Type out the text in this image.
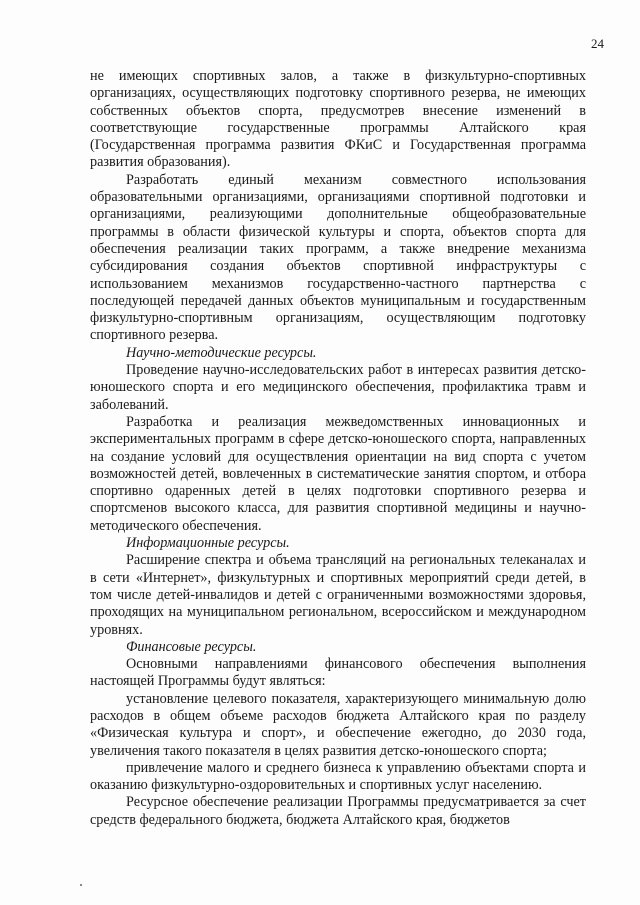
24

не имеющих спортивных залов, а также в физкультурно-спортивных организациях, осуществляющих подготовку спортивного резерва, не имеющих собственных объектов спорта, предусмотрев внесение изменений в соответствующие государственные программы Алтайского края (Государственная программа развития ФКиС и Государственная программа развития образования).

Разработать единый механизм совместного использования образовательными организациями, организациями спортивной подготовки и организациями, реализующими дополнительные общеобразовательные программы в области физической культуры и спорта, объектов спорта для обеспечения реализации таких программ, а также внедрение механизма субсидирования создания объектов спортивной инфраструктуры с использованием механизмов государственно-частного партнерства с последующей передачей данных объектов муниципальным и государственным физкультурно-спортивным организациям, осуществляющим подготовку спортивного резерва.

Научно-методические ресурсы.

Проведение научно-исследовательских работ в интересах развития детско-юношеского спорта и его медицинского обеспечения, профилактика травм и заболеваний.

Разработка и реализация межведомственных инновационных и экспериментальных программ в сфере детско-юношеского спорта, направленных на создание условий для осуществления ориентации на вид спорта с учетом возможностей детей, вовлеченных в систематические занятия спортом, и отбора спортивно одаренных детей в целях подготовки спортивного резерва и спортсменов высокого класса, для развития спортивной медицины и научно-методического обеспечения.

Информационные ресурсы.

Расширение спектра и объема трансляций на региональных телеканалах и в сети «Интернет», физкультурных и спортивных мероприятий среди детей, в том числе детей-инвалидов и детей с ограниченными возможностями здоровья, проходящих на муниципальном региональном, всероссийском и международном уровнях.

Финансовые ресурсы.

Основными направлениями финансового обеспечения выполнения настоящей Программы будут являться:

установление целевого показателя, характеризующего минимальную долю расходов в общем объеме расходов бюджета Алтайского края по разделу «Физическая культура и спорт», и обеспечение ежегодно, до 2030 года, увеличения такого показателя в целях развития детско-юношеского спорта;

привлечение малого и среднего бизнеса к управлению объектами спорта и оказанию физкультурно-оздоровительных и спортивных услуг населению.

Ресурсное обеспечение реализации Программы предусматривается за счет средств федерального бюджета, бюджета Алтайского края, бюджетов
